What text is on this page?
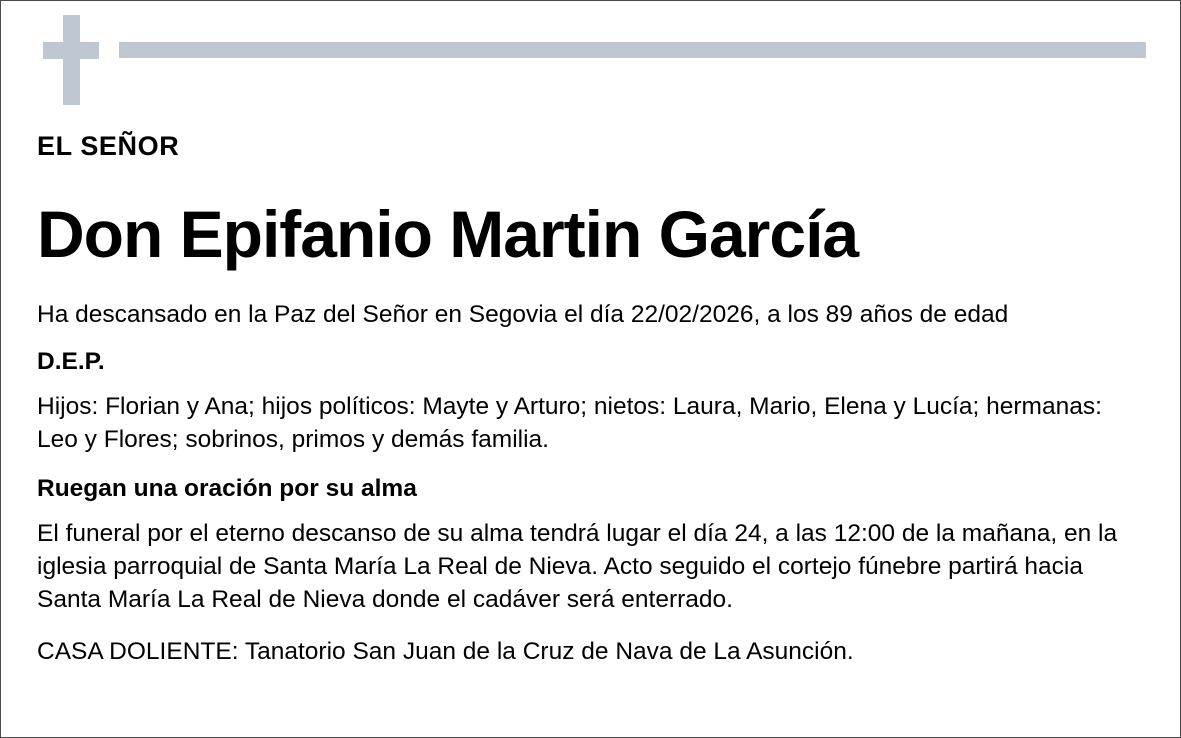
EL SEÑOR
Don Epifanio Martin García

Ha descansado en la Paz del Señor en Segovia el día 22/02/2026, a los 89 años de edad

D.E.P.

Hijos: Florian y Ana; hijos políticos: Mayte y Arturo; nietos: Laura, Mario, Elena y Lucía; hermanas: Leo y Flores; sobrinos, primos y demás familia.

Ruegan una oración por su alma

El funeral por el eterno descanso de su alma tendrá lugar el día 24, a las 12:00 de la mañana, en la iglesia parroquial de Santa María La Real de Nieva. Acto seguido el cortejo fúnebre partirá hacia Santa María La Real de Nieva donde el cadáver será enterrado.

CASA DOLIENTE: Tanatorio San Juan de la Cruz de Nava de La Asunción.
